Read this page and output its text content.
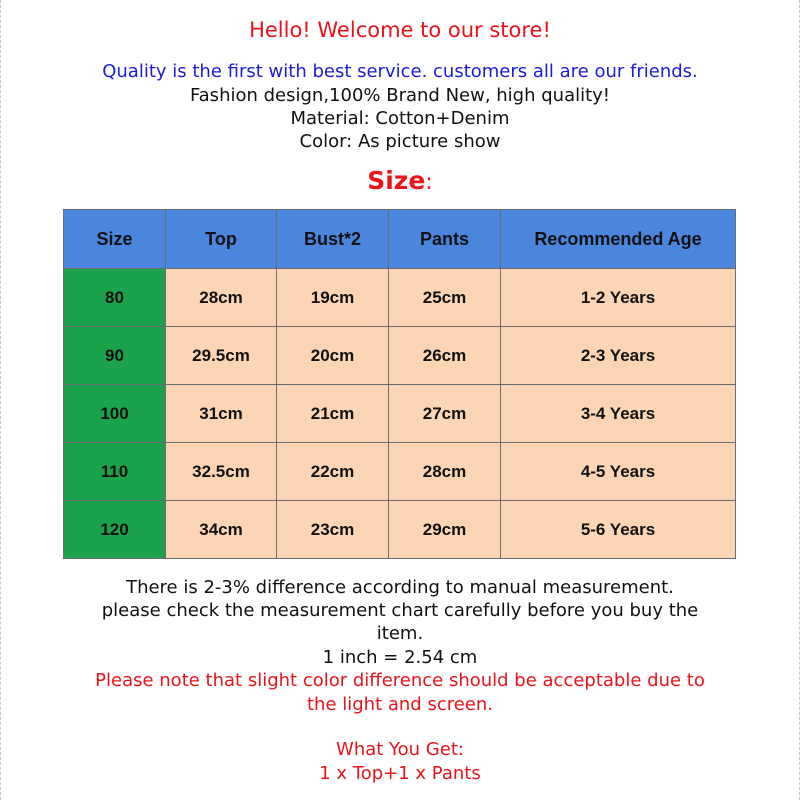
Hello! Welcome to our store!
Quality is the first with best service. customers all are our friends.
Fashion design,100% Brand New, high quality!
Material: Cotton+Denim
Color: As picture show
Size:
Size	Top	Bust*2	Pants	Recommended Age
80	28cm	19cm	25cm	1-2 Years
90	29.5cm	20cm	26cm	2-3 Years
100	31cm	21cm	27cm	3-4 Years
110	32.5cm	22cm	28cm	4-5 Years
120	34cm	23cm	29cm	5-6 Years
There is 2-3% difference according to manual measurement.
please check the measurement chart carefully before you buy the
item.
1 inch = 2.54 cm
Please note that slight color difference should be acceptable due to
the light and screen.
What You Get:
1 x Top+1 x Pants
